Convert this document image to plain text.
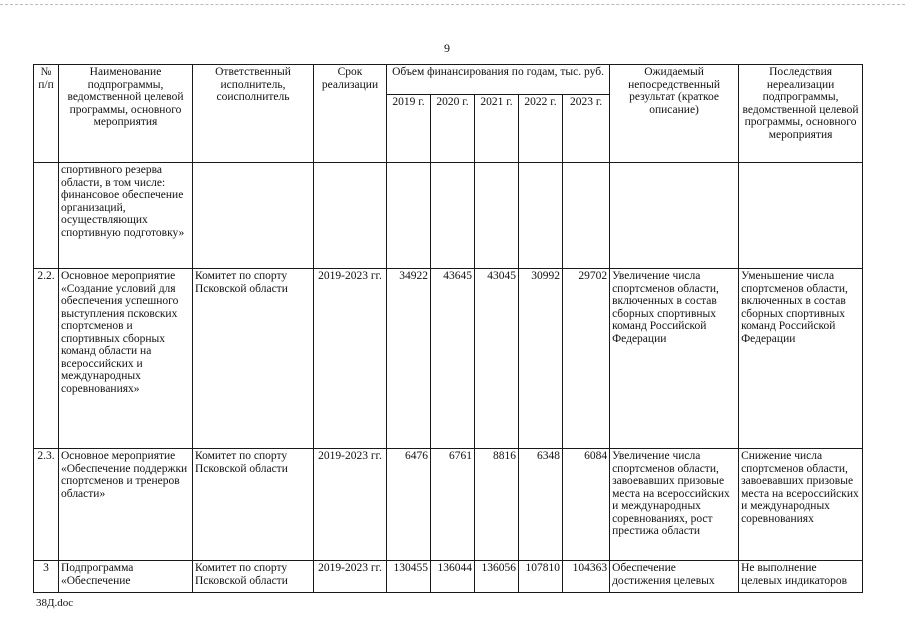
9
№ п/п	Наименование подпрограммы, ведомственной целевой программы, основного мероприятия	Ответственный исполнитель, соисполнитель	Срок реализации	Объем финансирования по годам, тыс. руб.					Ожидаемый непосредственный результат (краткое описание)	Последствия нереализации подпрограммы, ведомственной целевой программы, основного мероприятия
				2019 г.	2020 г.	2021 г.	2022 г.	2023 г.		
	спортивного резерва области, в том числе: финансовое обеспечение организаций, осуществляющих спортивную подготовку»									
2.2.	Основное мероприятие «Создание условий для обеспечения успешного выступления псковских спортсменов и спортивных сборных команд области на всероссийских и международных соревнованиях»	Комитет по спорту Псковской области	2019-2023 гг.	34922	43645	43045	30992	29702	Увеличение числа спортсменов области, включенных в состав сборных спортивных команд Российской Федерации	Уменьшение числа спортсменов области, включенных в состав сборных спортивных команд Российской Федерации
2.3.	Основное мероприятие «Обеспечение поддержки спортсменов и тренеров области»	Комитет по спорту Псковской области	2019-2023 гг.	6476	6761	8816	6348	6084	Увеличение числа спортсменов области, завоевавших призовые места на всероссийских и международных соревнованиях, рост престижа области	Снижение числа спортсменов области, завоевавших призовые места на всероссийских и международных соревнованиях
3	Подпрограмма «Обеспечение	Комитет по спорту Псковской области	2019-2023 гг.	130455	136044	136056	107810	104363	Обеспечение достижения целевых	Не выполнение целевых индикаторов
38Д.doc
